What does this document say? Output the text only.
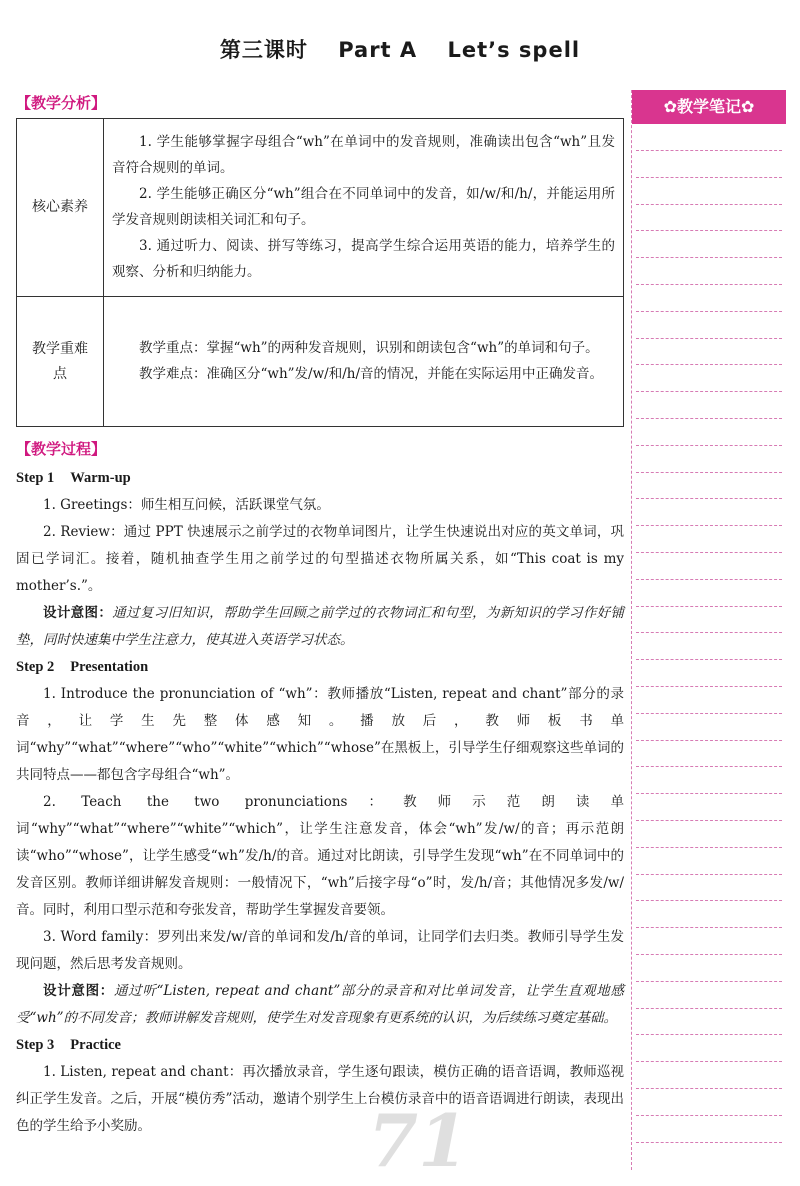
第三课时　 Part A　 Let’s spell
【教学分析】
核心素养	1. 学生能够掌握字母组合“wh”在单词中的发音规则，准确读出包含“wh”且发音符合规则的单词。

2. 学生能够正确区分“wh”组合在不同单词中的发音，如/w/和/h/，并能运用所学发音规则朗读相关词汇和句子。

3. 通过听力、阅读、拼写等练习，提高学生综合运用英语的能力，培养学生的观察、分析和归纳能力。

教学重难点	教学重点：掌握“wh”的两种发音规则，识别和朗读包含“wh”的单词和句子。

教学难点：准确区分“wh”发/w/和/h/音的情况，并能在实际运用中正确发音。

【教学过程】

Step 1 Warm-up

1. Greetings：师生相互问候，活跃课堂气氛。

2. Review：通过 PPT 快速展示之前学过的衣物单词图片，让学生快速说出对应的英文单词，巩固已学词汇。接着，随机抽查学生用之前学过的句型描述衣物所属关系，如“This coat is my mother’s.”。

设计意图：通过复习旧知识，帮助学生回顾之前学过的衣物词汇和句型，为新知识的学习作好铺垫，同时快速集中学生注意力，使其进入英语学习状态。

Step 2 Presentation

1. Introduce the pronunciation of “wh”：教师播放“Listen, repeat and chant”部分的录音，让学生先整体感知。播放后，教师板书单词“why”“what”“where”“who”“white”“which”“whose”在黑板上，引导学生仔细观察这些单词的共同特点——都包含字母组合“wh”。

2. Teach the two pronunciations：教师示范朗读单词“why”“what”“where”“white”“which”，让学生注意发音，体会“wh”发/w/的音；再示范朗读“who”“whose”，让学生感受“wh”发/h/的音。通过对比朗读，引导学生发现“wh”在不同单词中的发音区别。教师详细讲解发音规则：一般情况下，“wh”后接字母“o”时，发/h/音；其他情况多发/w/音。同时，利用口型示范和夸张发音，帮助学生掌握发音要领。

3. Word family：罗列出来发/w/音的单词和发/h/音的单词，让同学们去归类。教师引导学生发现问题，然后思考发音规则。

设计意图：通过听“Listen, repeat and chant”部分的录音和对比单词发音，让学生直观地感受“wh”的不同发音；教师讲解发音规则，使学生对发音现象有更系统的认识，为后续练习奠定基础。

Step 3 Practice

1. Listen, repeat and chant：再次播放录音，学生逐句跟读，模仿正确的语音语调，教师巡视纠正学生发音。之后，开展“模仿秀”活动，邀请个别学生上台模仿录音中的语音语调进行朗读，表现出色的学生给予小奖励。	71
✿教学笔记✿
